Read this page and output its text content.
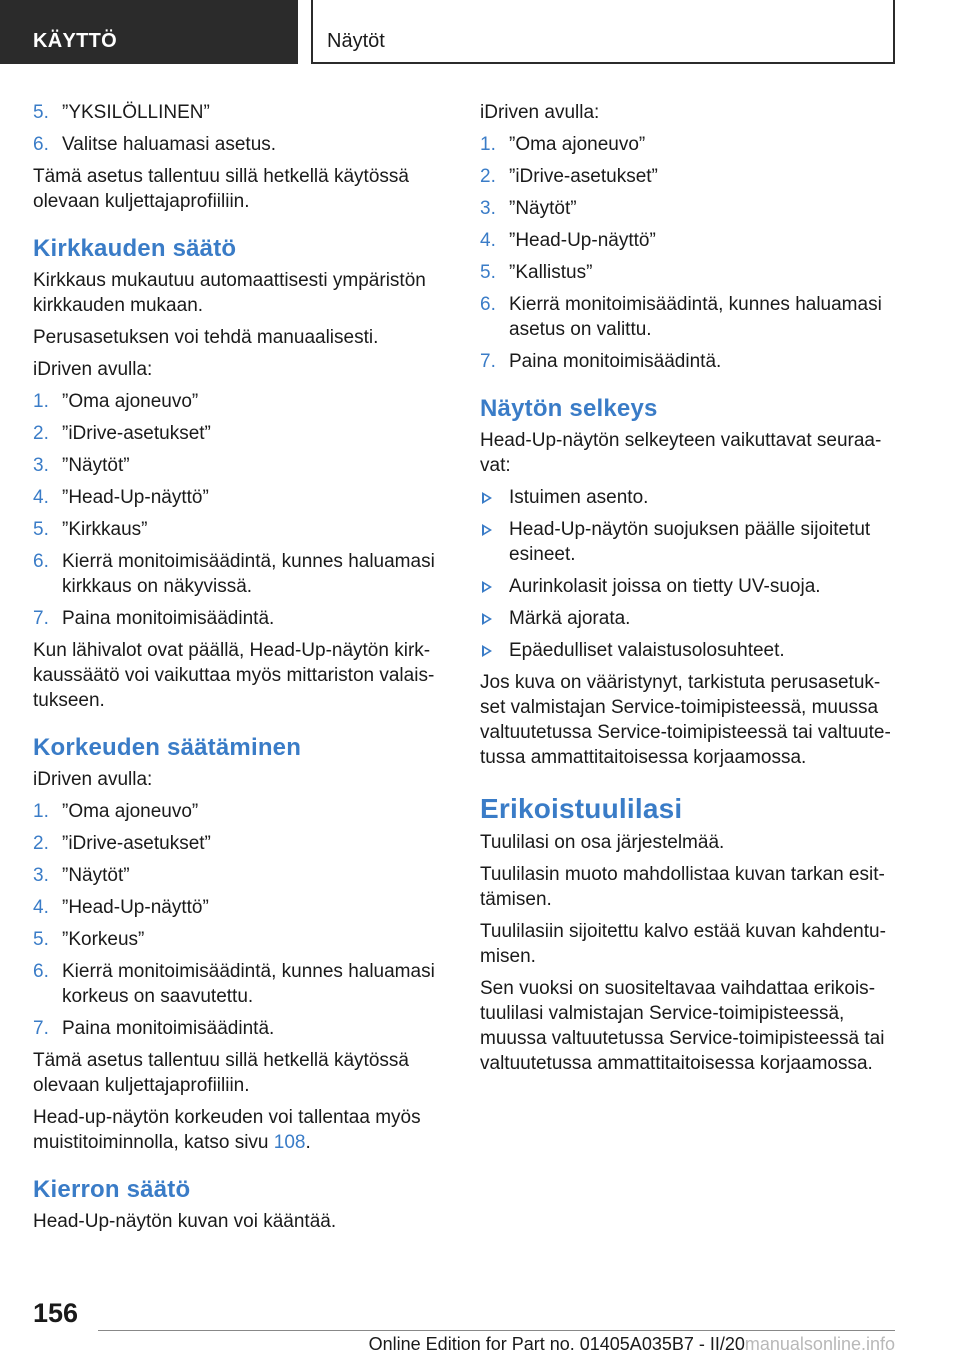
KÄYTTÖ	Näytöt
5. ”YKSILÖLLINEN”
6. Valitse haluamasi asetus.

Tämä asetus tallentuu sillä hetkellä käytössä olevaan kuljettajaprofiiliin.

Kirkkauden säätö

Kirkkaus mukautuu automaattisesti ympäristön kirkkauden mukaan.

Perusasetuksen voi tehdä manuaalisesti.

iDriven avulla:

1. ”Oma ajoneuvo”
2. ”iDrive-asetukset”
3. ”Näytöt”
4. ”Head-Up-näyttö”
5. ”Kirkkaus”
6. Kierrä monitoimisäädintä, kunnes haluamasi kirkkaus on näkyvissä.
7. Paina monitoimisäädintä.

Kun lähivalot ovat päällä, Head-Up-näytön kirkkaussäätö voi vaikuttaa myös mittariston valaistukseen.

Korkeuden säätäminen

iDriven avulla:

1. ”Oma ajoneuvo”
2. ”iDrive-asetukset”
3. ”Näytöt”
4. ”Head-Up-näyttö”
5. ”Korkeus”
6. Kierrä monitoimisäädintä, kunnes haluamasi korkeus on saavutettu.
7. Paina monitoimisäädintä.

Tämä asetus tallentuu sillä hetkellä käytössä olevaan kuljettajaprofiiliin.

Head-up-näytön korkeuden voi tallentaa myös muistitoiminnolla, katso sivu 108.

Kierron säätö

Head-Up-näytön kuvan voi kääntää.

iDriven avulla:

1. ”Oma ajoneuvo”
2. ”iDrive-asetukset”
3. ”Näytöt”
4. ”Head-Up-näyttö”
5. ”Kallistus”
6. Kierrä monitoimisäädintä, kunnes haluamasi asetus on valittu.
7. Paina monitoimisäädintä.
Näytön selkeys

Head-Up-näytön selkeyteen vaikuttavat seuraavat:

Istuimen asento.
Head-Up-näytön suojuksen päälle sijoitetut esineet.
Aurinkolasit joissa on tietty UV-suoja.
Märkä ajorata.
Epäedulliset valaistusolosuhteet.

Jos kuva on vääristynyt, tarkistuta perusasetukset valmistajan Service-toimipisteessä, muussa valtuutetussa Service-toimipisteessä tai valtuutetussa ammattitaitoisessa korjaamossa.

Erikoistuulilasi

Tuulilasi on osa järjestelmää.

Tuulilasin muoto mahdollistaa kuvan tarkan esittämisen.

Tuulilasiin sijoitettu kalvo estää kuvan kahdentumisen.

Sen vuoksi on suositeltavaa vaihdattaa erikoistuulilasi valmistajan Service-toimipisteessä, muussa valtuutetussa Service-toimipisteessä tai valtuutetussa ammattitaitoisessa korjaamossa.

156
Online Edition for Part no. 01405A035B7 - II/20manualsonline.info
